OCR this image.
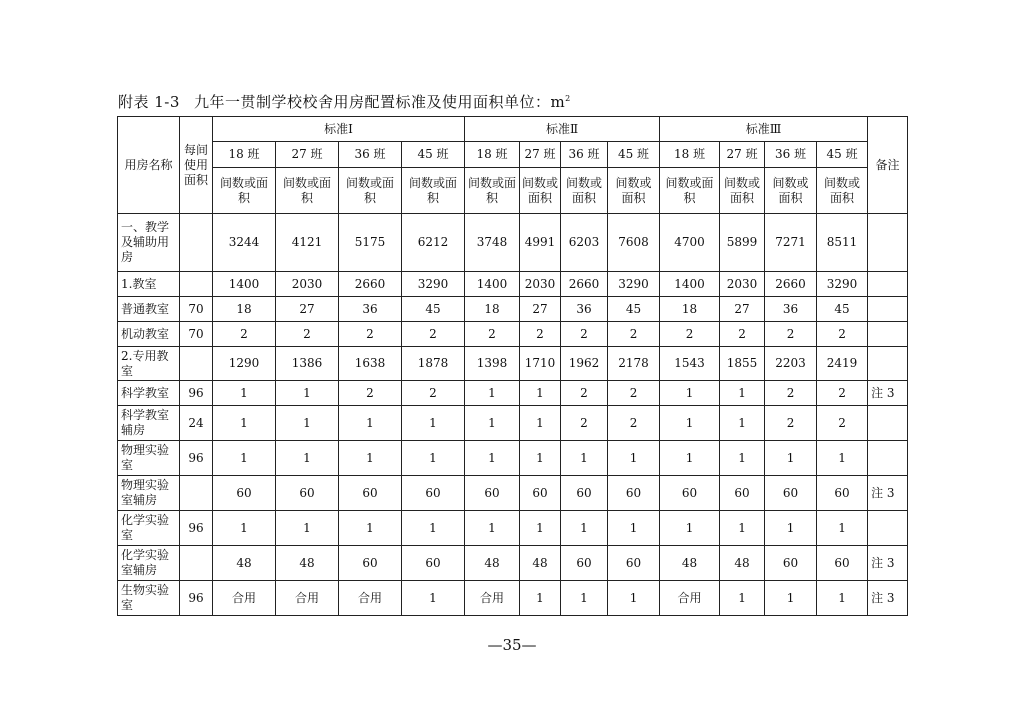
附表 1-3 九年一贯制学校校舍用房配置标准及使用面积单位：$m^2$
用房名称	每间使用面积	标准Ⅰ				标准Ⅱ				标准Ⅲ				备注
		18 班	27 班	36 班	45 班	18 班	27 班	36 班	45 班	18 班	27 班	36 班	45 班	
		间数或面积	间数或面积	间数或面积	间数或面积	间数或面积	间数或面积	间数或面积	间数或面积	间数或面积	间数或面积	间数或面积	间数或面积	
一、教学及辅助用房		3244	4121	5175	6212	3748	4991	6203	7608	4700	5899	7271	8511	
1.教室		1400	2030	2660	3290	1400	2030	2660	3290	1400	2030	2660	3290	
普通教室	70	18	27	36	45	18	27	36	45	18	27	36	45	
机动教室	70	2	2	2	2	2	2	2	2	2	2	2	2	
2.专用教室		1290	1386	1638	1878	1398	1710	1962	2178	1543	1855	2203	2419	
科学教室	96	1	1	2	2	1	1	2	2	1	1	2	2	注 3
科学教室辅房	24	1	1	1	1	1	1	2	2	1	1	2	2	
物理实验室	96	1	1	1	1	1	1	1	1	1	1	1	1	
物理实验室辅房		60	60	60	60	60	60	60	60	60	60	60	60	注 3
化学实验室	96	1	1	1	1	1	1	1	1	1	1	1	1	
化学实验室辅房		48	48	60	60	48	48	60	60	48	48	60	60	注 3
生物实验室	96	合用	合用	合用	1	合用	1	1	1	合用	1	1	1	注 3
—35—
